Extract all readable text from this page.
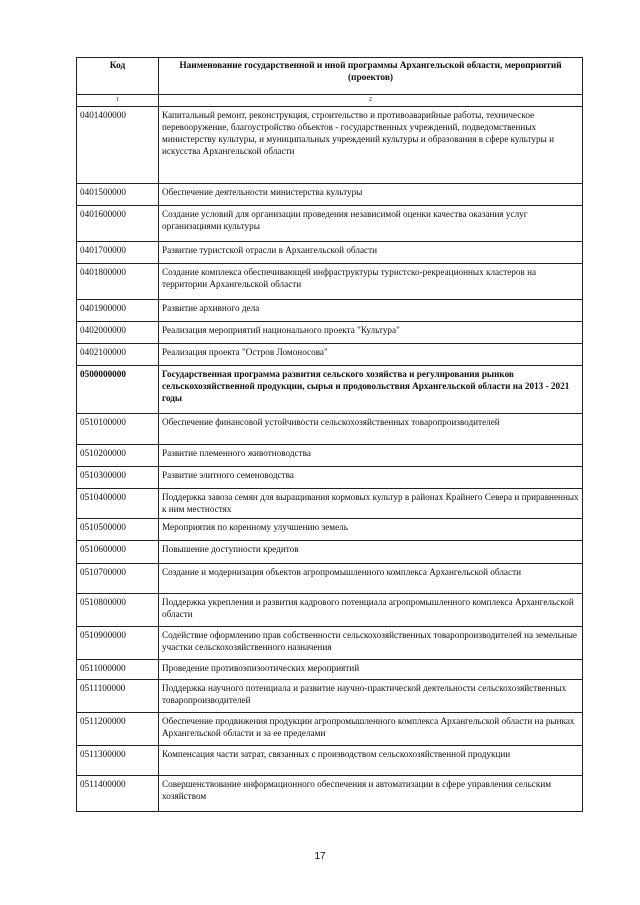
Код	Наименование государственной и иной программы Архангельской области, мероприятий (проектов)
1	2
0401400000	Капитальный ремонт, реконструкция, строительство и противоаварийные работы, техническое перевооружение, благоустройство объектов - государственных учреждений, подведомственных министерству культуры, и муниципальных учреждений культуры и образования в сфере культуры и искусства Архангельской области
0401500000	Обеспечение деятельности министерства культуры
0401600000	Создание условий для организации проведения независимой оценки качества оказания услуг организациями культуры
0401700000	Развитие туристской отрасли в Архангельской области
0401800000	Создание комплекса обеспечивающей инфраструктуры туристско-рекреационных кластеров на территории Архангельской области
0401900000	Развитие архивного дела
0402000000	Реализация мероприятий национального проекта "Культура"
0402100000	Реализация проекта "Остров Ломоносова"
0500000000	Государственная программа развития сельского хозяйства и регулирования рынков сельскохозяйственной продукции, сырья и продовольствия Архангельской области на 2013 - 2021 годы
0510100000	Обеспечение финансовой устойчивости сельскохозяйственных товаропроизводителей
0510200000	Развитие племенного животноводства
0510300000	Развитие элитного семеноводства
0510400000	Поддержка завоза семян для выращивания кормовых культур в районах Крайнего Севера и приравненных к ним местностях
0510500000	Мероприятия по коренному улучшению земель
0510600000	Повышение доступности кредитов
0510700000	Создание и модернизация объектов агропромышленного комплекса Архангельской области
0510800000	Поддержка укрепления и развития кадрового потенциала агропромышленного комплекса Архангельской области
0510900000	Содействие оформлению прав собственности сельскохозяйственных товаропроизводителей на земельные участки сельскохозяйственного назначения
0511000000	Проведение противоэпизоотических мероприятий
0511100000	Поддержка научного потенциала и развитие научно-практической деятельности сельскохозяйственных товаропроизводителей
0511200000	Обеспечение продвижения продукции агропромышленного комплекса Архангельской области на рынках Архангельской области и за ее пределами
0511300000	Компенсация части затрат, связанных с производством сельскохозяйственной продукции
0511400000	Совершенствование информационного обеспечения и автоматизации в сфере управления сельским хозяйством
17
